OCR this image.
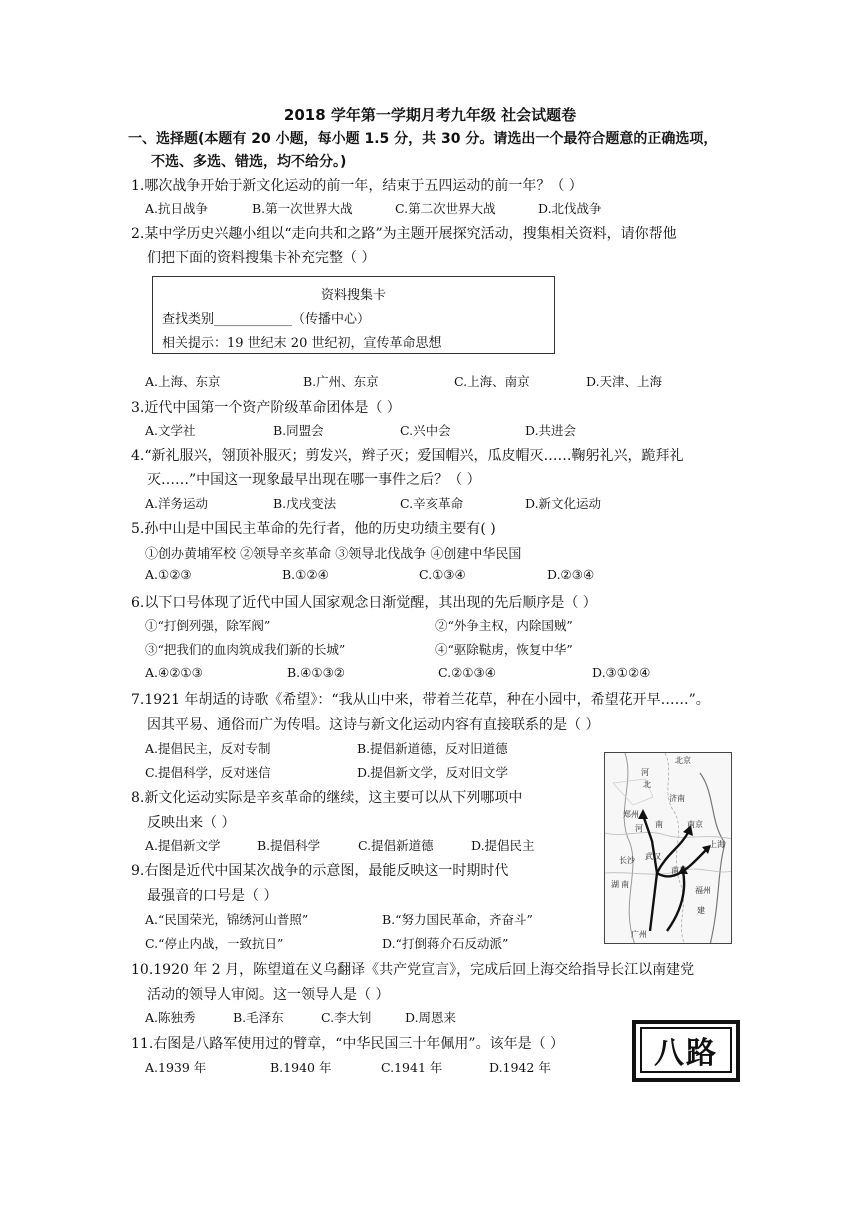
2018 学年第一学期月考九年级 社会试题卷
一、选择题(本题有 20 小题，每小题 1.5 分，共 30 分。请选出一个最符合题意的正确选项，
不选、多选、错选，均不给分。)
1.哪次战争开始于新文化运动的前一年，结束于五四运动的前一年？（ ）
A.抗日战争	B.第一次世界大战	C.第二次世界大战	D.北伐战争
2.某中学历史兴趣小组以“走向共和之路”为主题开展探究活动，搜集相关资料，请你帮他
们把下面的资料搜集卡补充完整（ ）
资料搜集卡
查找类别____________（传播中心）
相关提示：19 世纪末 20 世纪初，宣传革命思想
A.上海、东京	B.广州、东京	C.上海、南京	D.天津、上海
3.近代中国第一个资产阶级革命团体是（ ）
A.文学社	B.同盟会	C.兴中会	D.共进会
4.“新礼服兴，翎顶补服灭；剪发兴，辫子灭；爱国帽兴，瓜皮帽灭……鞠躬礼兴，跪拜礼
灭……”中国这一现象最早出现在哪一事件之后？（ ）
A.洋务运动	B.戊戌变法	C.辛亥革命	D.新文化运动
5.孙中山是中国民主革命的先行者，他的历史功绩主要有( )
①创办黄埔军校 ②领导辛亥革命 ③领导北伐战争 ④创建中华民国
A.①②③	B.①②④	C.①③④	D.②③④
6.以下口号体现了近代中国人国家观念日渐觉醒，其出现的先后顺序是（ ）
①“打倒列强，除军阀”	②“外争主权，内除国贼”
③“把我们的血肉筑成我们新的长城”	④“驱除鞑虏，恢复中华”
A.④②①③	B.④①③②	C.②①③④	D.③①②④
7.1921 年胡适的诗歌《希望》：“我从山中来，带着兰花草，种在小园中，希望花开早……”。
因其平易、通俗而广为传唱。这诗与新文化运动内容有直接联系的是（ ）
A.提倡民主，反对专制	B.提倡新道德，反对旧道德
C.提倡科学，反对迷信	D.提倡新文学，反对旧文学
8.新文化运动实际是辛亥革命的继续，这主要可以从下列哪项中
反映出来（ ）
A.提倡新文学	B.提倡科学	C.提倡新道德	D.提倡民主
9.右图是近代中国某次战争的示意图，最能反映这一时期时代
最强音的口号是（ ）
A.“民国荣光，锦绣河山普照”	B.“努力国民革命，齐奋斗”
C.“停止内战，一致抗日”	D.“打倒蒋介石反动派”
北京
河
北
济南
郑州
南
河
武汉
南京
上海
长沙
南昌
湖 南
福州
广州
建
10.1920 年 2 月，陈望道在义乌翻译《共产党宣言》，完成后回上海交给指导长江以南建党
活动的领导人审阅。这一领导人是（ ）
A.陈独秀	B.毛泽东	C.李大钊	D.周恩来
11.右图是八路军使用过的臂章，“中华民国三十年佩用”。该年是（ ）
A.1939 年	B.1940 年	C.1941 年	D.1942 年	八路
